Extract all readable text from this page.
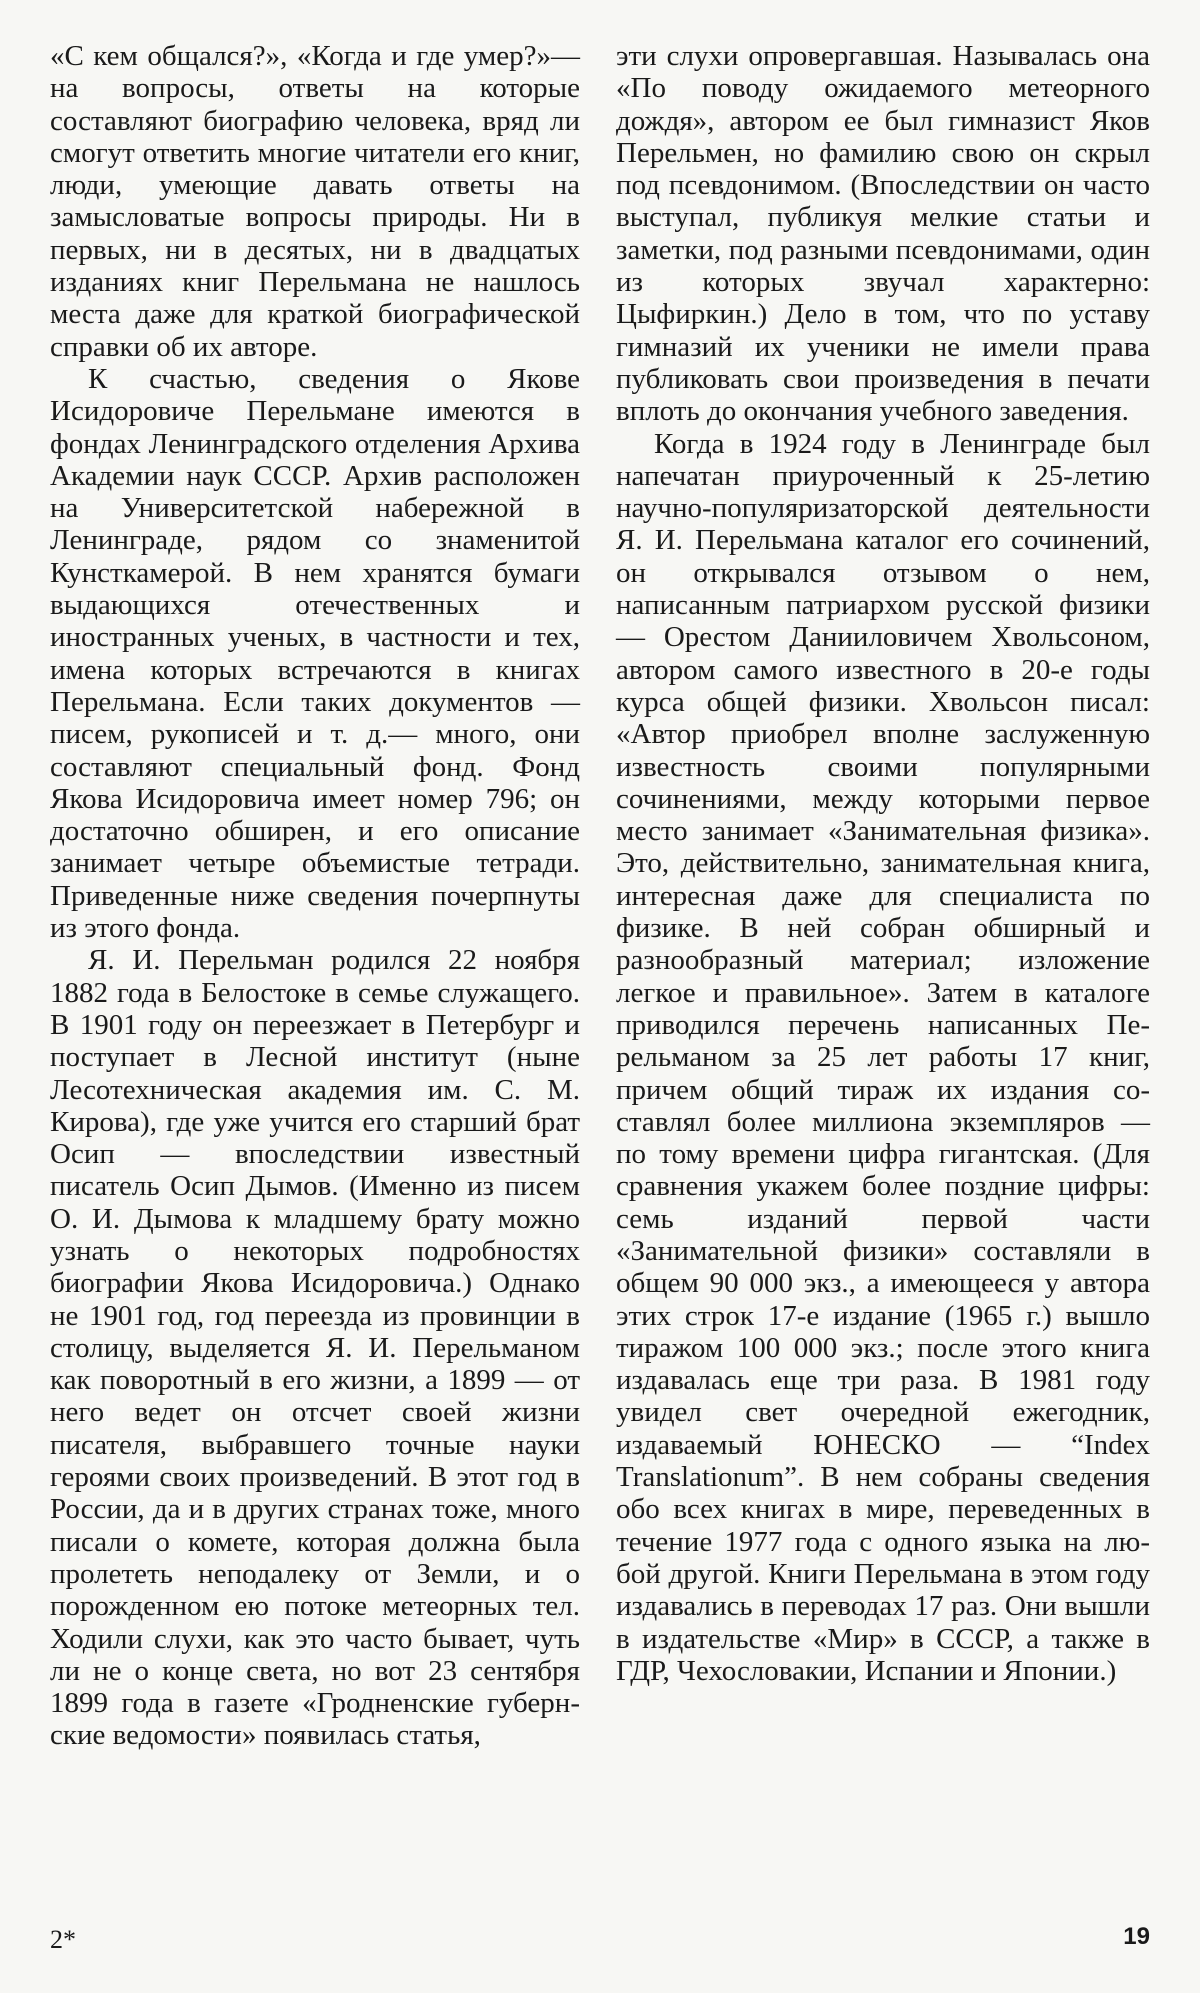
«С кем общался?», «Когда и где умер?»— на вопросы, ответы на которые составляют биографию человека, вряд ли смогут ответить многие читатели его книг, люди, умеющие давать ответы на замысловатые вопросы природы. Ни в первых, ни в десятых, ни в двадцатых изданиях книг Перельмана не нашлось места даже для краткой биографической справки об их авторе.

К счастью, сведения о Якове Исидоровиче Перельмане имеются в фондах Ленинградского отделения Архива Академии наук СССР. Архив расположен на Университетской набережной в Ленинграде, рядом со знаменитой Кунсткамерой. В нем хранятся бумаги выдающихся отечественных и иностранных ученых, в частности и тех, имена которых встречаются в книгах Перельмана. Если таких документов — писем, рукописей и т. д.— много, они составляют специальный фонд. Фонд Якова Исидоровича имеет номер 796; он достаточно обширен, и его описание занимает четыре объемистые тетради. Приведенные ниже сведения почерпнуты из этого фонда.

Я. И. Перельман родился 22 ноября 1882 года в Белостоке в семье служащего. В 1901 году он переезжает в Петербург и поступает в Лесной институт (ныне Лесотехническая академия им. С. М. Кирова), где уже учится его старший брат Осип — впоследствии известный писатель Осип Дымов. (Именно из писем О. И. Дымова к младшему брату можно узнать о некоторых подробностях биографии Якова Исидоровича.) Однако не 1901 год, год переезда из провинции в столицу, выделяется Я. И. Перельманом как поворотный в его жизни, а 1899 — от него ведет он отсчет своей жизни писателя, выбравшего точные науки героями своих произведений. В этот год в России, да и в других странах тоже, много писали о комете, которая должна была пролететь неподалеку от Земли, и о порожденном ею потоке метеорных тел. Ходили слухи, как это часто бывает, чуть ли не о конце света, но вот 23 сентября 1899 года в газете «Гродненские губернские ведомости» появилась статья,

эти слухи опровергавшая. Называлась она «По поводу ожидаемого метеорного дождя», автором ее был гимназист Яков Перельмен, но фамилию свою он скрыл под псевдонимом. (Впоследствии он часто выступал, публикуя мелкие статьи и заметки, под разными псевдонимами, один из которых звучал характерно: Цыфиркин.) Дело в том, что по уставу гимназий их ученики не имели права публиковать свои произведения в печати вплоть до окончания учебного заведения.

Когда в 1924 году в Ленинграде был напечатан приуроченный к 25-летию научно-популяризаторской деятельности Я. И. Перельмана каталог его сочинений, он открывался отзывом о нем, написанным патриархом русской физики — Орестом Данииловичем Хвольсоном, автором самого известного в 20-е годы курса общей физики. Хвольсон писал: «Автор приобрел вполне заслуженную известность своими популярными сочинениями, между которыми первое место занимает «Занимательная физика». Это, действительно, занимательная книга, интересная даже для специалиста по физике. В ней собран обширный и разнообразный материал; изложение легкое и правильное». Затем в каталоге приводился перечень написанных Перельманом за 25 лет работы 17 книг, причем общий тираж их издания составлял более миллиона экземпляров — по тому времени цифра гигантская. (Для сравнения укажем более поздние цифры: семь изданий первой части «Занимательной физики» составляли в общем 90 000 экз., а имеющееся у автора этих строк 17-е издание (1965 г.) вышло тиражом 100 000 экз.; после этого книга издавалась еще три раза. В 1981 году увидел свет очередной ежегодник, издаваемый ЮНЕСКО — “Index Translationum”. В нем собраны сведения обо всех книгах в мире, переведенных в течение 1977 года с одного языка на любой другой. Книги Перельмана в этом году издавались в переводах 17 раз. Они вышли в издательстве «Мир» в СССР, а также в ГДР, Чехословакии, Испании и Японии.)

2*	19
